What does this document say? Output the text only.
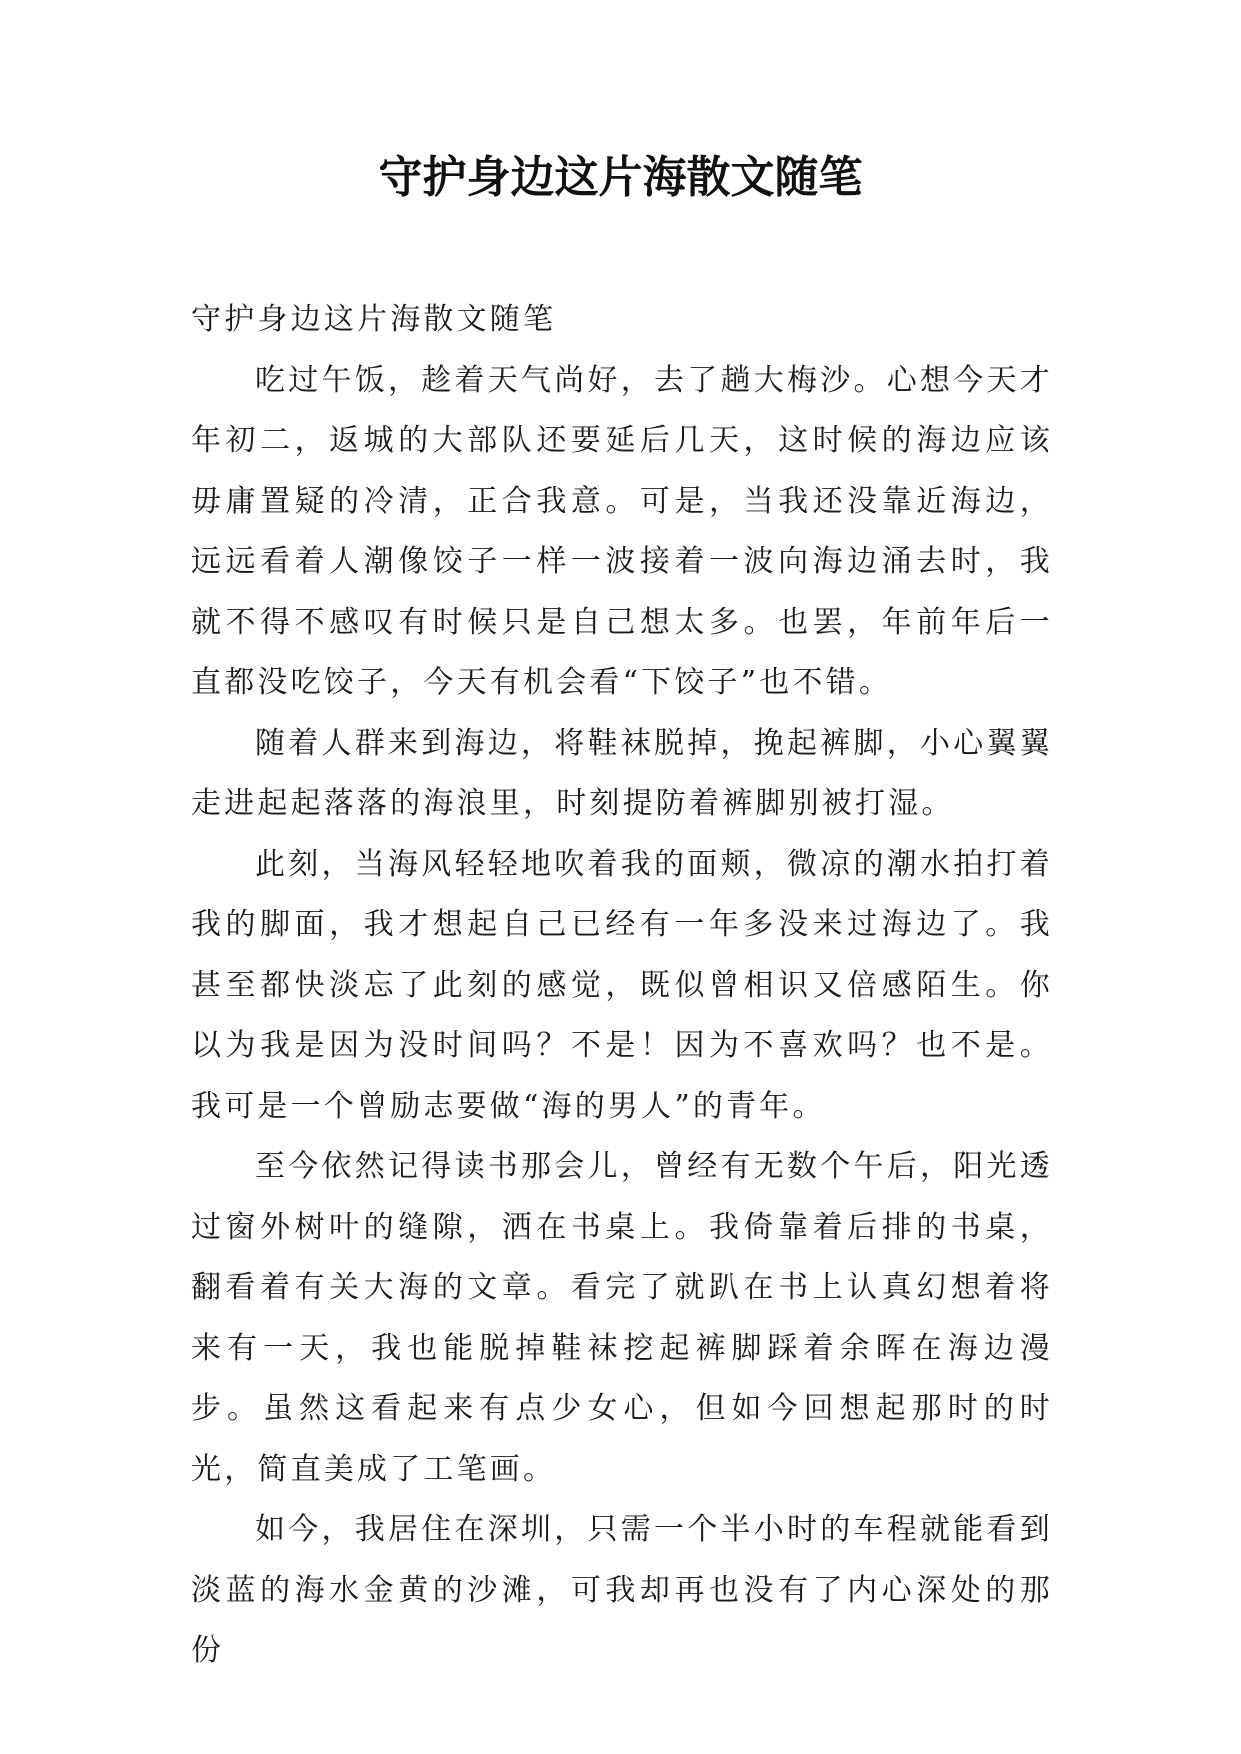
守护身边这片海散文随笔

守护身边这片海散文随笔

吃过午饭，趁着天气尚好，去了趟大梅沙。心想今天才年初二，返城的大部队还要延后几天，这时候的海边应该毋庸置疑的冷清，正合我意。可是，当我还没靠近海边，远远看着人潮像饺子一样一波接着一波向海边涌去时，我就不得不感叹有时候只是自己想太多。也罢，年前年后一直都没吃饺子，今天有机会看“下饺子”也不错。

随着人群来到海边，将鞋袜脱掉，挽起裤脚，小心翼翼走进起起落落的海浪里，时刻提防着裤脚别被打湿。

此刻，当海风轻轻地吹着我的面颊，微凉的潮水拍打着我的脚面，我才想起自己已经有一年多没来过海边了。我甚至都快淡忘了此刻的感觉，既似曾相识又倍感陌生。你以为我是因为没时间吗？不是！因为不喜欢吗？也不是。我可是一个曾励志要做“海的男人”的青年。

至今依然记得读书那会儿，曾经有无数个午后，阳光透过窗外树叶的缝隙，洒在书桌上。我倚靠着后排的书桌，翻看着有关大海的文章。看完了就趴在书上认真幻想着将来有一天，我也能脱掉鞋袜挖起裤脚踩着余晖在海边漫步。虽然这看起来有点少女心，但如今回想起那时的时光，简直美成了工笔画。

如今，我居住在深圳，只需一个半小时的车程就能看到淡蓝的海水金黄的沙滩，可我却再也没有了内心深处的那份
